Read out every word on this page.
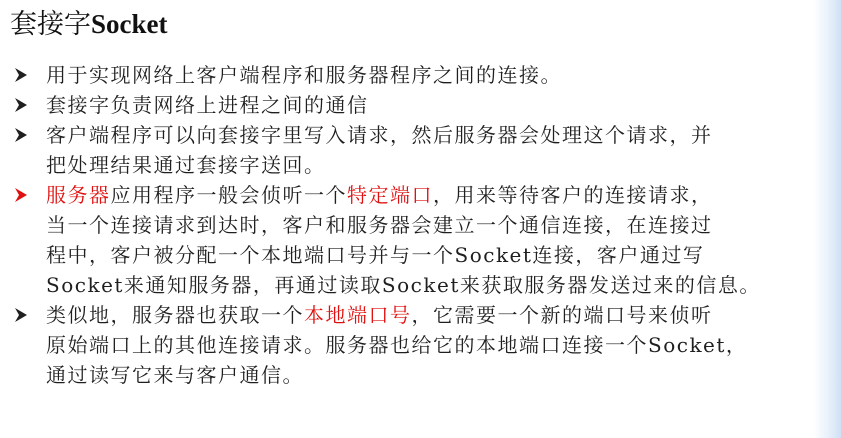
套接字Socket
用于实现网络上客户端程序和服务器程序之间的连接。
套接字负责网络上进程之间的通信
客户端程序可以向套接字里写入请求，然后服务器会处理这个请求，并
把处理结果通过套接字送回。
服务器应用程序一般会侦听一个特定端口，用来等待客户的连接请求，
当一个连接请求到达时，客户和服务器会建立一个通信连接，在连接过
程中，客户被分配一个本地端口号并与一个Socket连接，客户通过写
Socket来通知服务器，再通过读取Socket来获取服务器发送过来的信息。
类似地，服务器也获取一个本地端口号，它需要一个新的端口号来侦听
原始端口上的其他连接请求。服务器也给它的本地端口连接一个Socket，
通过读写它来与客户通信。
